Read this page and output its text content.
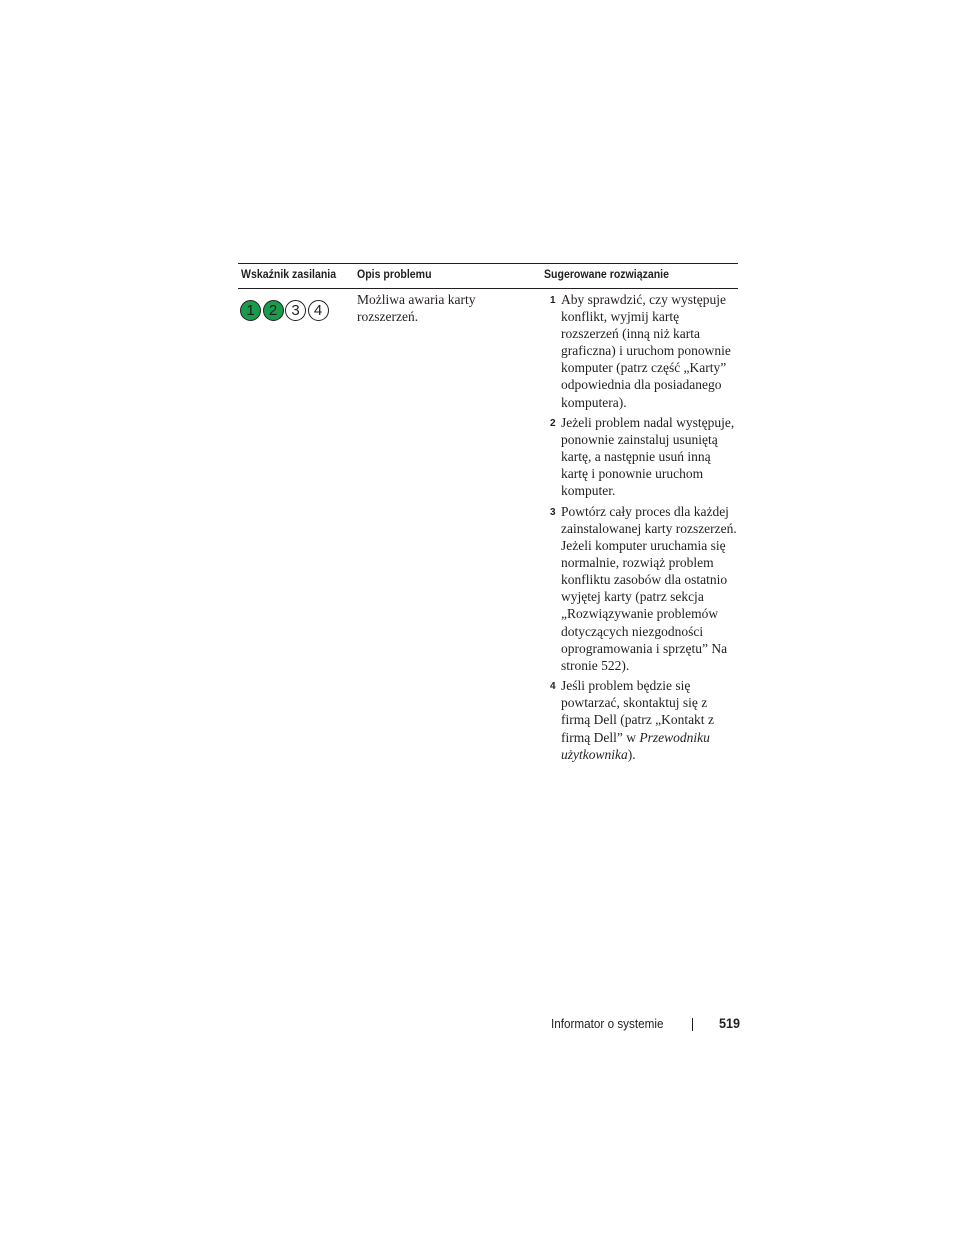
Wskaźnik zasilania Opis problemu	Sugerowane rozwiązanie
1 2 3 4
Możliwa awaria karty rozszerzeń.
1 Aby sprawdzić, czy występuje konflikt, wyjmij kartę rozszerzeń (inną niż karta graficzna) i uruchom ponownie komputer (patrz część „Karty” odpowiednia dla posiadanego komputera).
2 Jeżeli problem nadal występuje, ponownie zainstaluj usuniętą kartę, a następnie usuń inną kartę i ponownie uruchom komputer.
3 Powtórz cały proces dla każdej zainstalowanej karty rozszerzeń. Jeżeli komputer uruchamia się normalnie, rozwiąż problem konfliktu zasobów dla ostatnio wyjętej karty (patrz sekcja „Rozwiązywanie problemów dotyczących niezgodności oprogramowania i sprzętu” Na stronie 522).
4 Jeśli problem będzie się powtarzać, skontaktuj się z firmą Dell (patrz „Kontakt z firmą Dell” w Przewodniku użytkownika).
Informator o systemie	519
